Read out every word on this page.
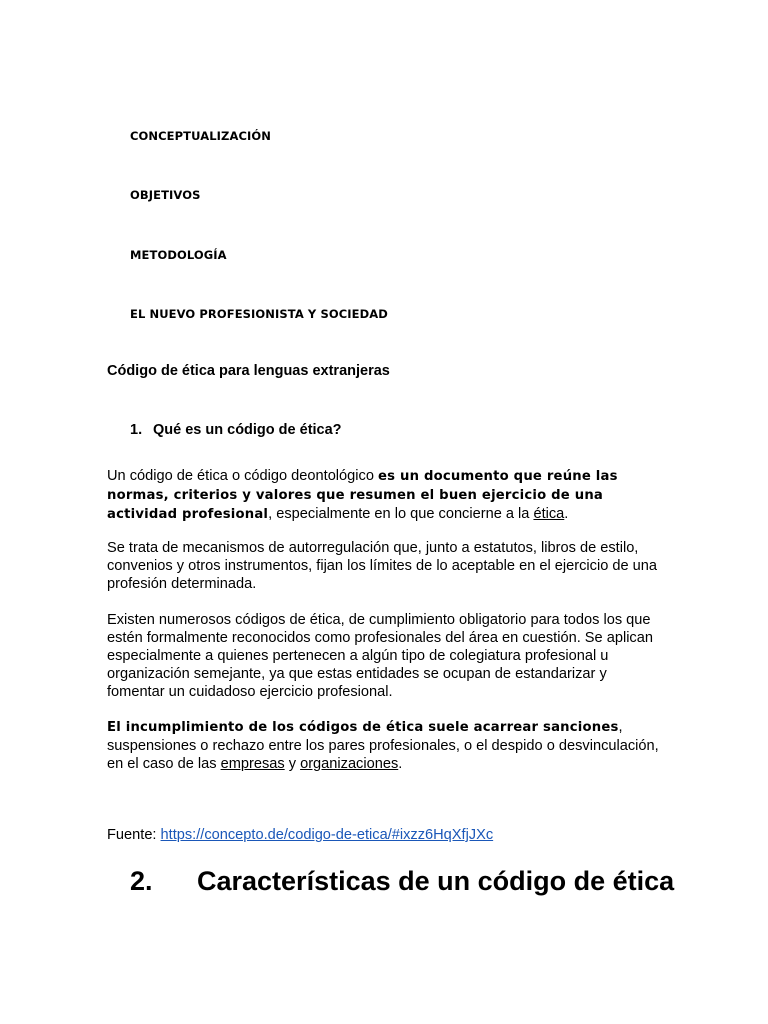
CONCEPTUALIZACIÓN
OBJETIVOS
METODOLOGÍA
EL NUEVO PROFESIONISTA Y SOCIEDAD
Código de ética para lenguas extranjeras
1. Qué es un código de ética?

Un código de ética o código deontológico es un documento que reúne las normas, criterios y valores que resumen el buen ejercicio de una actividad profesional, especialmente en lo que concierne a la ética.

Se trata de mecanismos de autorregulación que, junto a estatutos, libros de estilo, convenios y otros instrumentos, fijan los límites de lo aceptable en el ejercicio de una profesión determinada.

Existen numerosos códigos de ética, de cumplimiento obligatorio para todos los que estén formalmente reconocidos como profesionales del área en cuestión. Se aplican especialmente a quienes pertenecen a algún tipo de colegiatura profesional u organización semejante, ya que estas entidades se ocupan de estandarizar y fomentar un cuidadoso ejercicio profesional.

El incumplimiento de los códigos de ética suele acarrear sanciones, suspensiones o rechazo entre los pares profesionales, o el despido o desvinculación, en el caso de las empresas y organizaciones.

Fuente: https://concepto.de/codigo-de-etica/#ixzz6HqXfjJXc
2. Características de un código de ética
